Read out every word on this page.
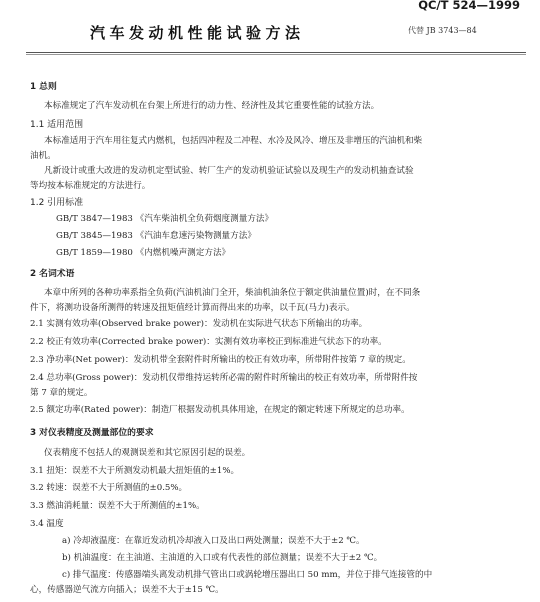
QC/T 524—1999
汽车发动机性能试验方法	代替 JB 3743—84
1 总则
本标准规定了汽车发动机在台架上所进行的动力性、经济性及其它重要性能的试验方法。
1.1 适用范围
本标准适用于汽车用往复式内燃机，包括四冲程及二冲程、水冷及风冷、增压及非增压的汽油机和柴
油机。
凡新设计或重大改进的发动机定型试验、转厂生产的发动机验证试验以及现生产的发动机抽查试验
等均按本标准规定的方法进行。
1.2 引用标准
GB/T 3847—1983 《汽车柴油机全负荷烟度测量方法》
GB/T 3845—1983 《汽油车怠速污染物测量方法》
GB/T 1859—1980 《内燃机噪声测定方法》
2 名词术语
本章中所列的各种功率系指全负荷(汽油机油门全开，柴油机油条位于额定供油量位置)时，在不同条
件下，将测功设备所测得的转速及扭矩值经计算而得出来的功率，以千瓦(马力)表示。
2.1 实测有效功率(Observed brake power)：发动机在实际进气状态下所输出的功率。
2.2 校正有效功率(Corrected brake power)：实测有效功率校正到标准进气状态下的功率。
2.3 净功率(Net power)：发动机带全套附件时所输出的校正有效功率，所带附件按第 7 章的规定。
2.4 总功率(Gross power)：发动机仅带维持运转所必需的附件时所输出的校正有效功率，所带附件按
第 7 章的规定。
2.5 额定功率(Rated power)：制造厂根据发动机具体用途，在规定的额定转速下所规定的总功率。
3 对仪表精度及测量部位的要求
仪表精度不包括人的观测误差和其它原因引起的误差。
3.1 扭矩：误差不大于所测发动机最大扭矩值的±1%。
3.2 转速：误差不大于所测值的±0.5%。
3.3 燃油消耗量：误差不大于所测值的±1%。
3.4 温度
a) 冷却液温度：在靠近发动机冷却液入口及出口两处测量；误差不大于±2 ℃。
b) 机油温度：在主油道、主油道的入口或有代表性的部位测量；误差不大于±2 ℃。
c) 排气温度：传感器端头离发动机排气管出口或涡轮增压器出口 50 mm，并位于排气连接管的中
心，传感器逆气流方向插入；误差不大于±15 ℃。
